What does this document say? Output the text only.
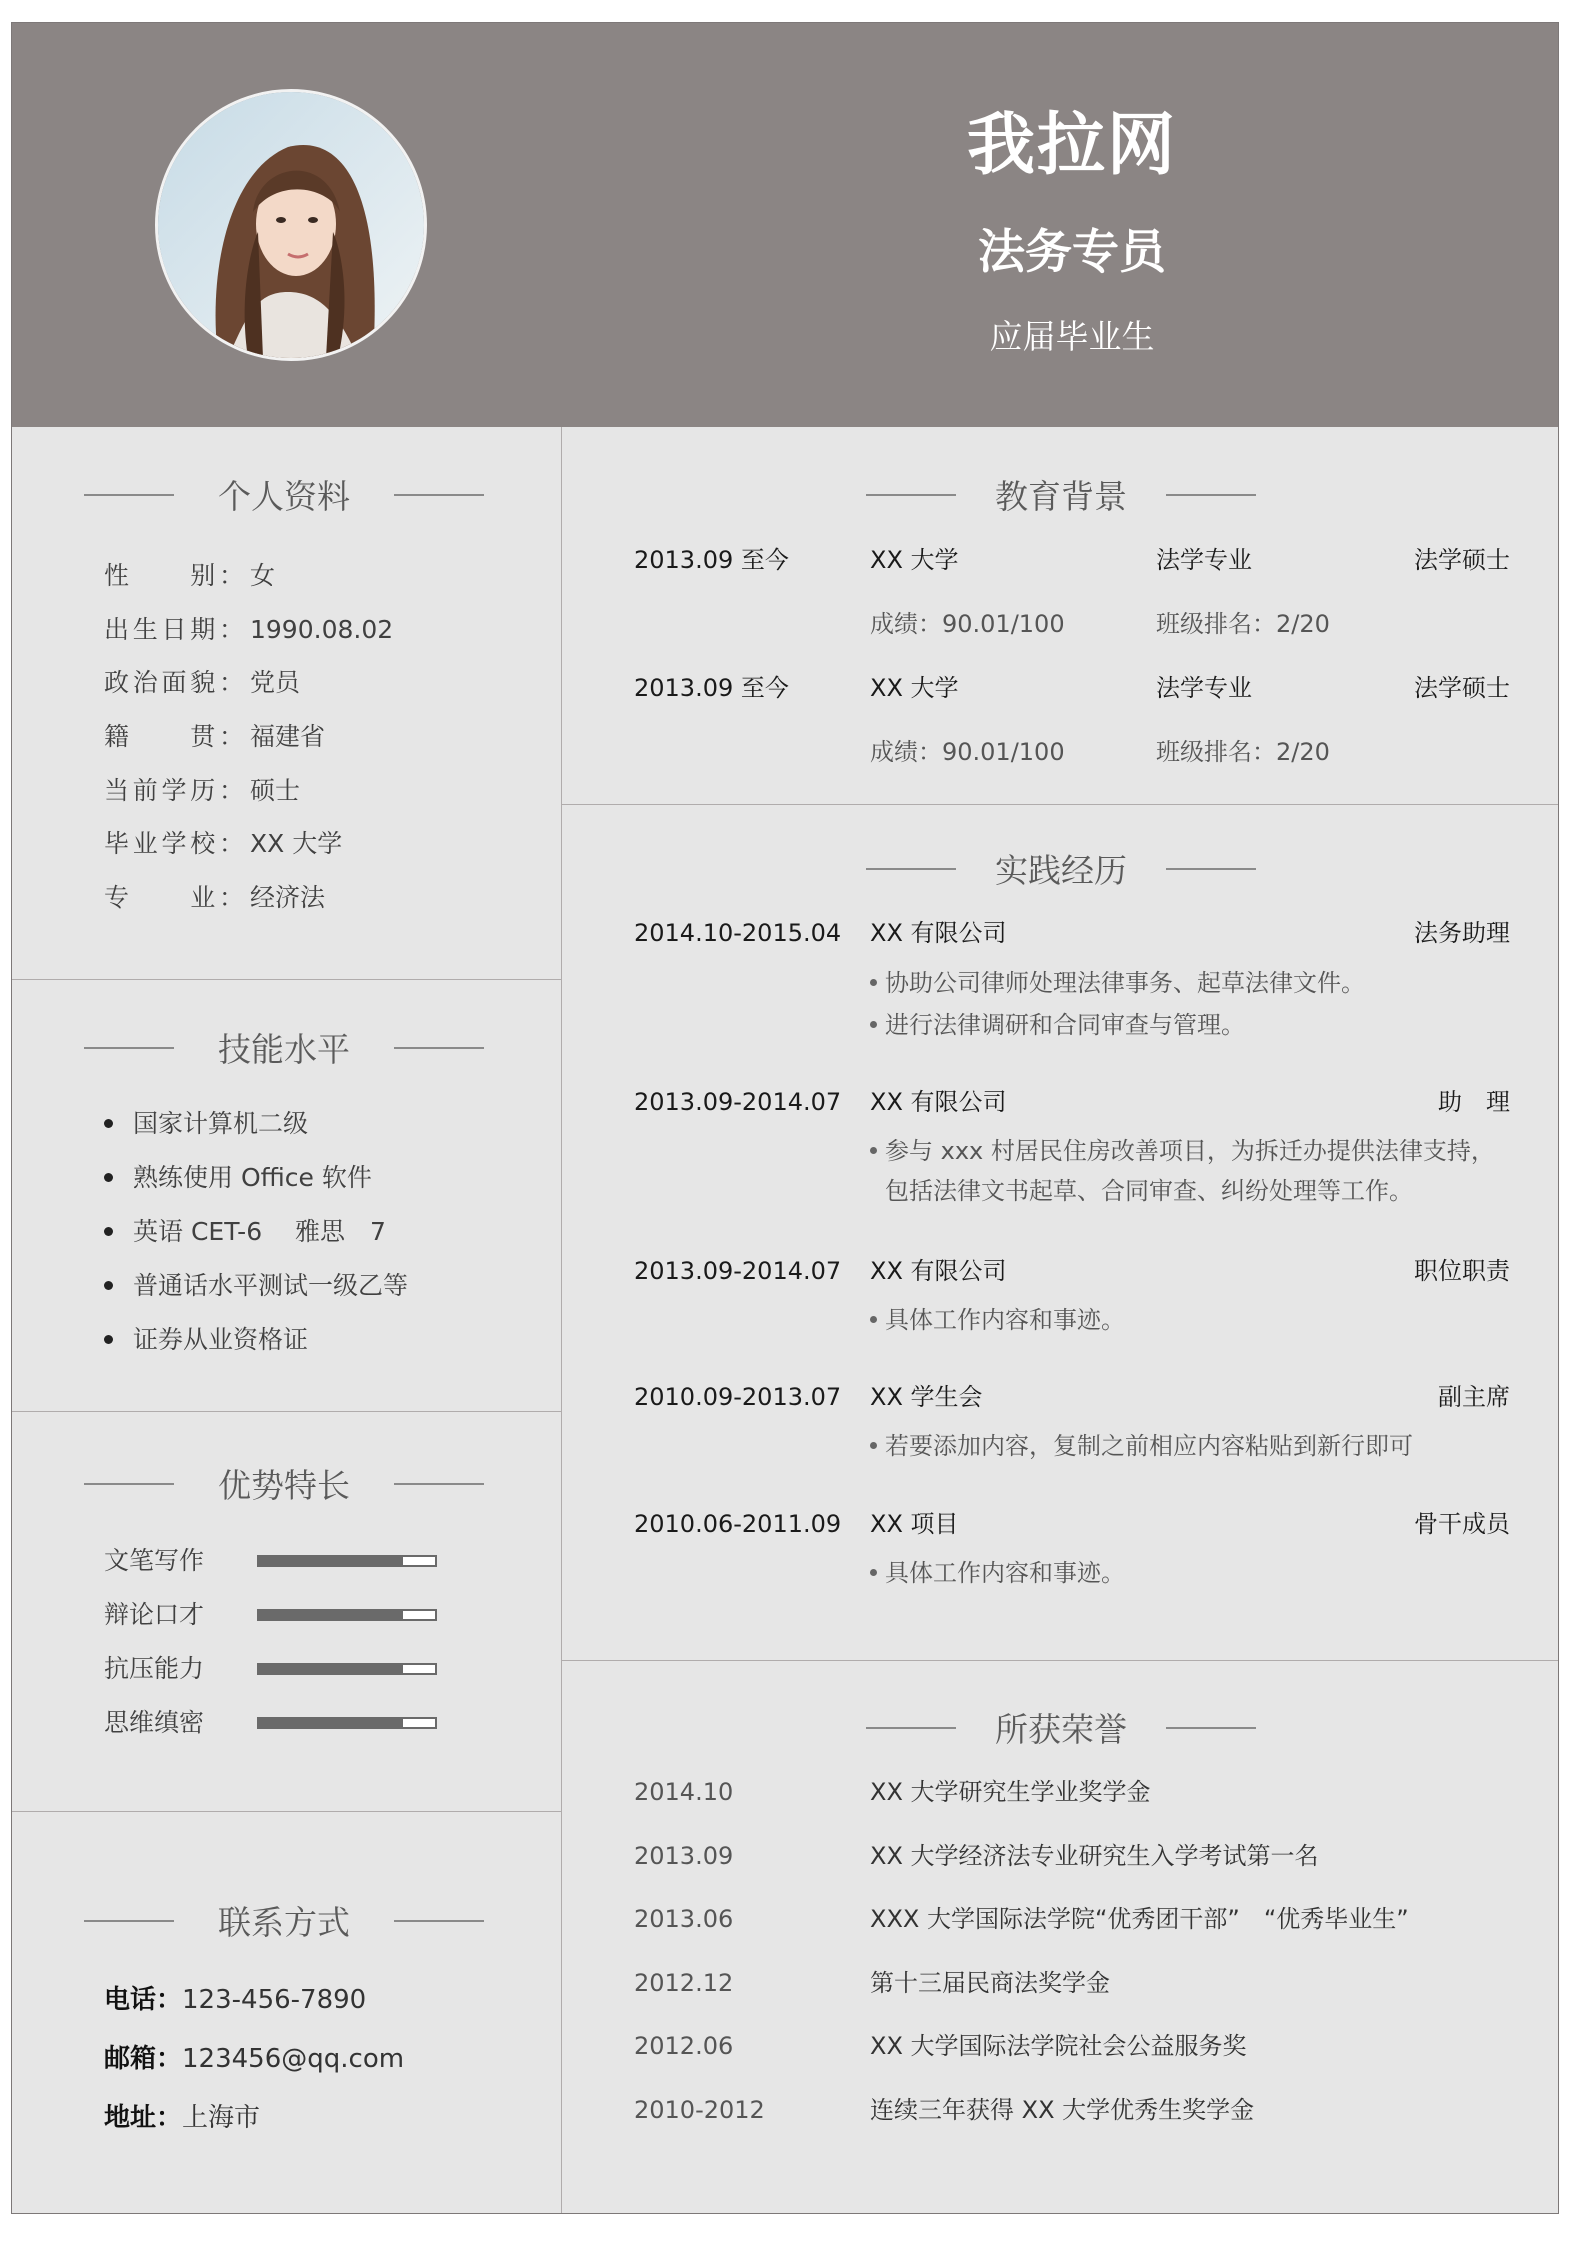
我拉网
法务专员
应届毕业生
个人资料
性　　别： 女
出生日期： 1990.08.02
政治面貌： 党员
籍　　贯： 福建省
当前学历： 硕士
毕业学校： XX 大学
专　　业： 经济法
技能水平
国家计算机二级
熟练使用 Office 软件
英语 CET-6　 雅思　7
普通话水平测试一级乙等
证券从业资格证
优势特长
文笔写作
辩论口才
抗压能力
思维缜密
联系方式
电话：123-456-7890
邮箱：123456@qq.com
地址：上海市
教育背景
2013.09 至今	XX 大学	法学专业	法学硕士
成绩：90.01/100	班级排名：2/20
2013.09 至今	XX 大学	法学专业	法学硕士
成绩：90.01/100	班级排名：2/20
实践经历
2014.10-2015.04 XX 有限公司	法务助理
协助公司律师处理法律事务、起草法律文件。
进行法律调研和合同审查与管理。
2013.09-2014.07 XX 有限公司	助　理
参与 xxx 村居民住房改善项目，为拆迁办提供法律支持，
包括法律文书起草、合同审查、纠纷处理等工作。
2013.09-2014.07 XX 有限公司	职位职责
具体工作内容和事迹。
2010.09-2013.07 XX 学生会	副主席
若要添加内容，复制之前相应内容粘贴到新行即可
2010.06-2011.09 XX 项目	骨干成员
具体工作内容和事迹。
所获荣誉
2014.10	XX 大学研究生学业奖学金
2013.09	XX 大学经济法专业研究生入学考试第一名
2013.06	XXX 大学国际法学院“优秀团干部”　“优秀毕业生”
2012.12	第十三届民商法奖学金
2012.06	XX 大学国际法学院社会公益服务奖
2010-2012	连续三年获得 XX 大学优秀生奖学金
